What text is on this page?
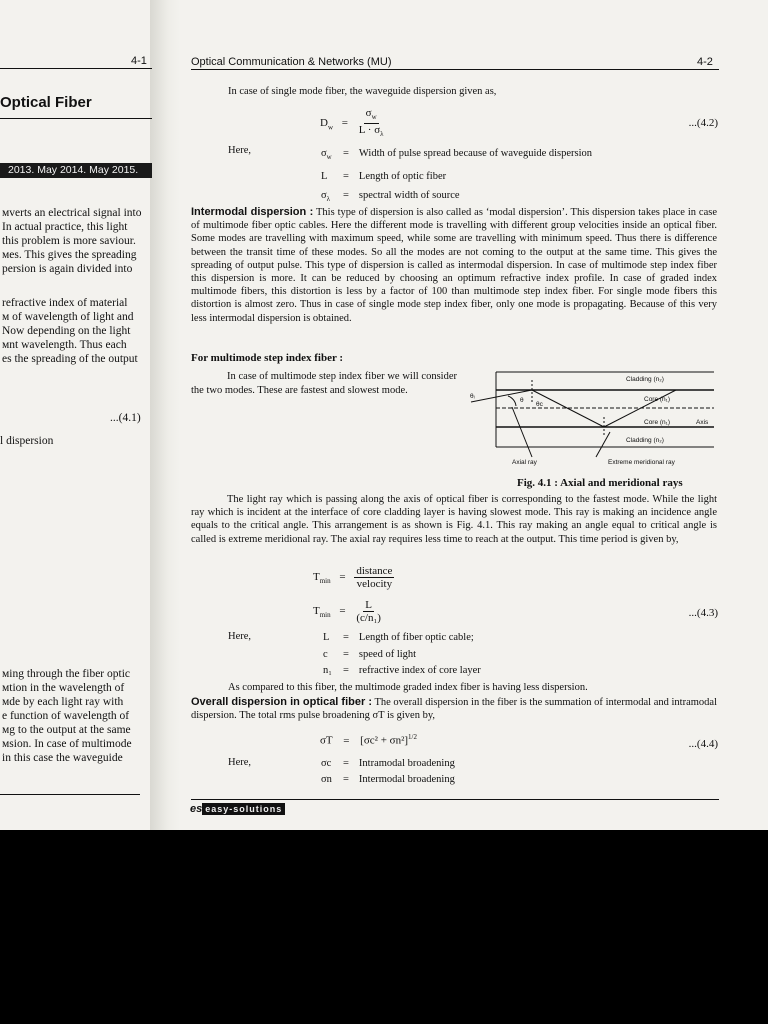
4-1
Optical Fiber
2013. May 2014. May 2015.
ᴍverts an electrical signal into
In actual practice, this light
this problem is more saviour.
ᴍes. This gives the spreading
persion is again divided into
refractive index of material
ᴍ of wavelength of light and
Now depending on the light
ᴍnt wavelength. Thus each
es the spreading of the output
...(4.1)
l dispersion
ᴍing through the fiber optic
ᴍtion in the wavelength of
ᴍde by each light ray with
e function of wavelength of
ᴍg to the output at the same
ᴍsion. In case of multimode
in this case the waveguide
Optical Communication & Networks (MU)	4-2
In case of single mode fiber, the waveguide dispersion given as,
$D_w = \frac{\sigma_w}{L \cdot \sigma_\lambda}$	...(4.2)
Here,	$\sigma_w$ = Width of pulse spread because of waveguide dispersion
L = Length of optic fiber
$\sigma_\lambda$ = spectral width of source
Intermodal dispersion : This type of dispersion is also called as ‘modal dispersion’. This dispersion takes place in case of multimode fiber optic cables. Here the different mode is travelling with different group velocities inside an optical fiber. Some modes are travelling with maximum speed, while some are travelling with minimum speed. Thus there is difference between the transit time of these modes. So all the modes are not coming to the output at the same time. This gives the spreading of output pulse. This type of dispersion is called as intermodal dispersion. In case of multimode step index fiber this dispersion is more. It can be reduced by choosing an optimum refractive index profile. In case of graded index multimode fibers, this distortion is less by a factor of 100 than multimode step index fiber. For single mode fibers this distortion is almost zero. Thus in case of single mode step index fiber, only one mode is propagating. Because of this very less intermodal dispersion is obtained.
For multimode step index fiber :
In case of multimode step index fiber we will consider the two modes. These are fastest and slowest mode.
Cladding (n₂)
Core (n₁)
Core (n₁)	Axis
Cladding (n₂)
Axial ray	Extreme meridional ray
θᵢ
θ
θc
Fig. 4.1 : Axial and meridional rays
The light ray which is passing along the axis of optical fiber is corresponding to the fastest mode. While the light ray which is incident at the interface of core cladding layer is having slowest mode. This ray is making an incidence angle equals to the critical angle. This arrangement is as shown is Fig. 4.1. This ray making an angle equal to critical angle is called is extreme meridional ray. The axial ray requires less time to reach at the output. This time period is given by,
$T_{min} = \frac{\text{distance}}{\text{velocity}}$
$T_{min} = \frac{L}{\text{(c/n₁)}}$	...(4.3)
Here,	L = Length of fiber optic cable;
c = speed of light
n₁ = refractive index of core layer
As compared to this fiber, the multimode graded index fiber is having less dispersion.
Overall dispersion in optical fiber : The overall dispersion in the fiber is the summation of intermodal and intramodal dispersion. The total rms pulse broadening σT is given by,
$\sigma T = [\sigma c^2 + \sigma n^2]^{1/2}$
...(4.4)
Here,	σc = Intramodal broadening
σn = Intermodal broadening
es easy-solutions
